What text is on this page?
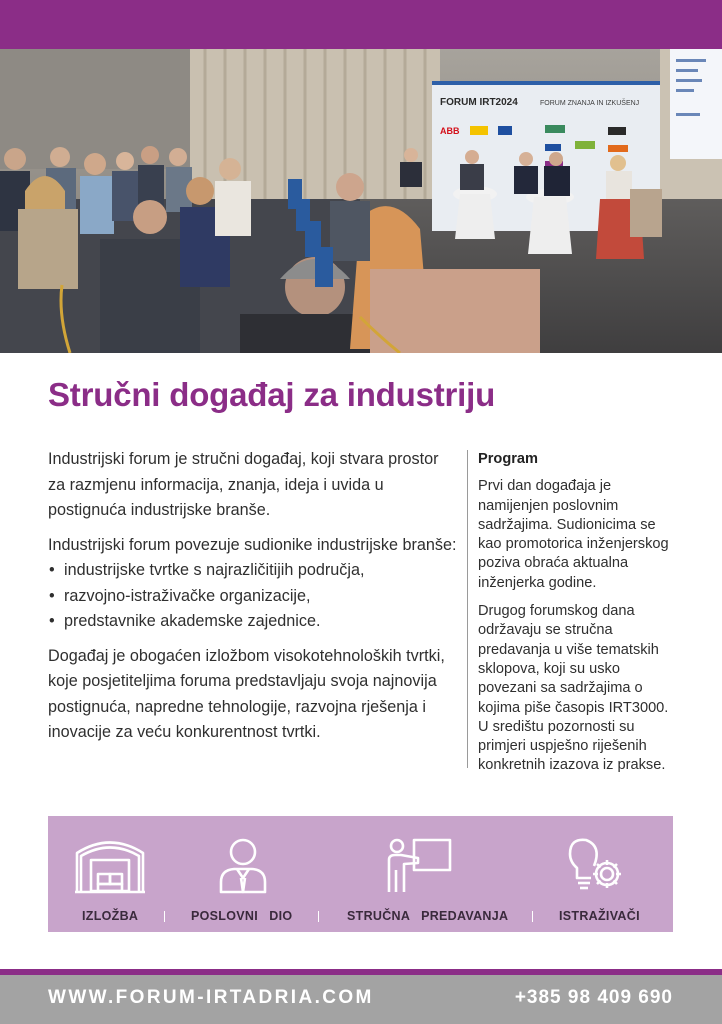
FORUM IRT2024	FORUM ZNANJA IN IZKUŠENJ
ABB
Stručni događaj za industriju

Industrijski forum je stručni događaj, koji stvara prostor za razmjenu informacija, znanja, ideja i uvida u postignuća industrijske branše.

Industrijski forum povezuje sudionike industrijske branše:

• industrijske tvrtke s najrazličitijih područja,
• razvojno-istraživačke organizacije,
• predstavnike akademske zajednice.

Događaj je obogaćen izložbom visokotehnoloških tvrtki, koje posjetiteljima foruma predstavljaju svoja najnovija postignuća, napredne tehnologije, razvojna rješenja i inovacije za veću konkurentnost tvrtki.

Program

Prvi dan događaja je namijenjen poslovnim sadržajima. Sudionicima se kao promotorica inženjerskog poziva obraća aktualna inženjerka godine.

Drugog forumskog dana održavaju se stručna predavanja u više tematskih sklopova, koji su usko povezani sa sadržajima o kojima piše časopis IRT3000. U središtu pozornosti su primjeri uspješno riješenih konkretnih izazova iz prakse.

IZLOŽBA	POSLOVNI   DIO	STRUČNA   PREDAVANJA	ISTRAŽIVAČI
WWW.FORUM-IRTADRIA.COM	+385 98 409 690
